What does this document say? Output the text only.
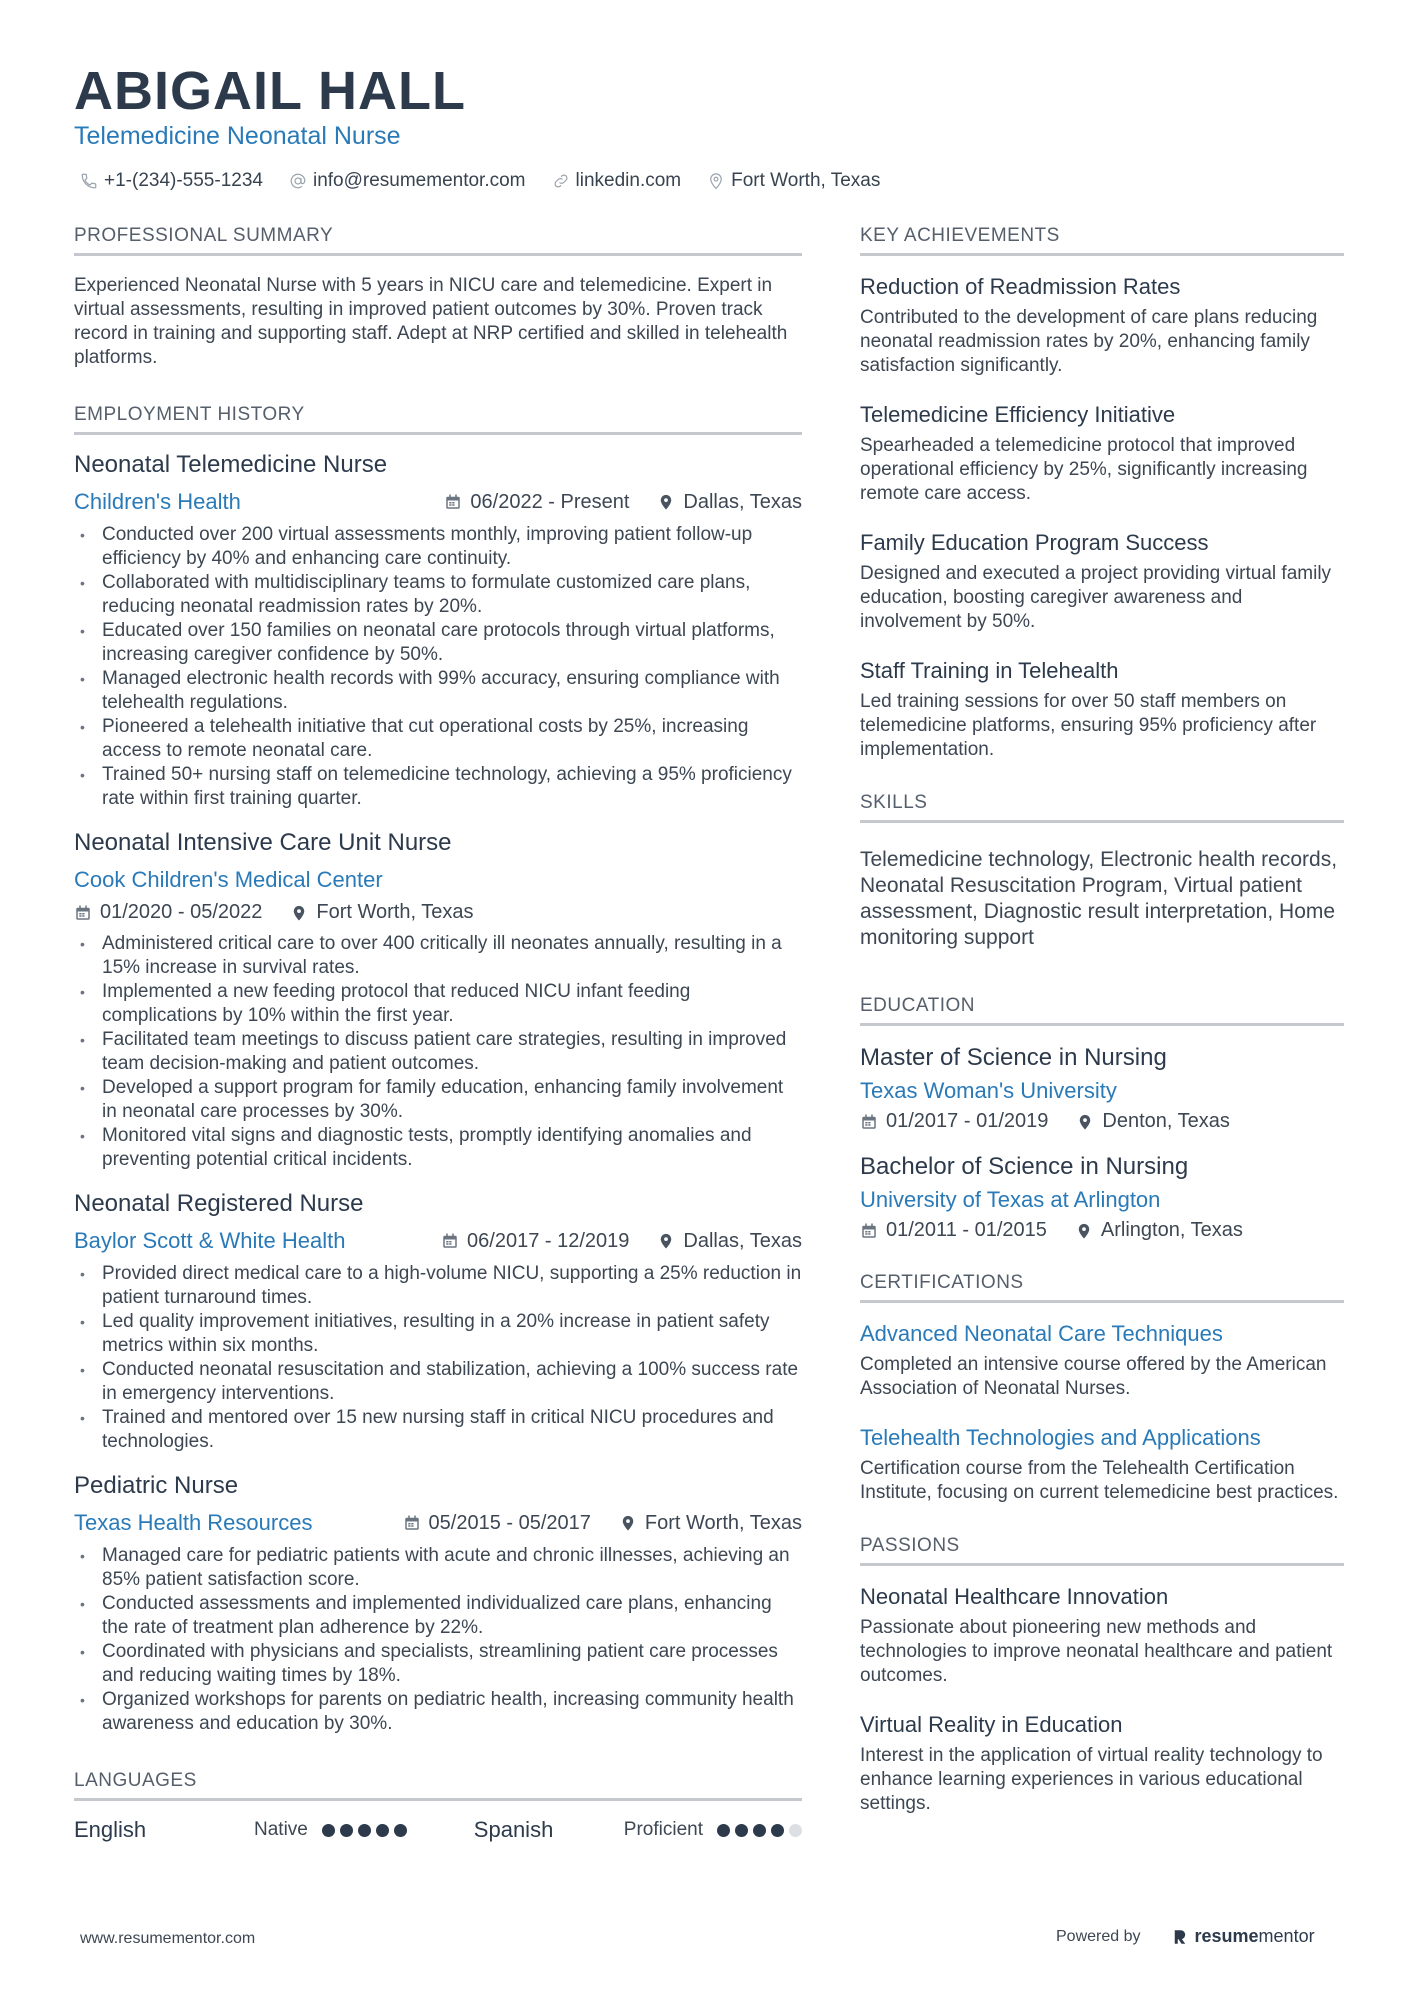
ABIGAIL HALL
Telemedicine Neonatal Nurse
+1-(234)-555-1234	info@resumementor.com	linkedin.com	Fort Worth, Texas
PROFESSIONAL SUMMARY
Experienced Neonatal Nurse with 5 years in NICU care and telemedicine. Expert in virtual assessments, resulting in improved patient outcomes by 30%. Proven track record in training and supporting staff. Adept at NRP certified and skilled in telehealth platforms.
EMPLOYMENT HISTORY
Neonatal Telemedicine Nurse
Children's Health	06/2022 - Present	Dallas, Texas
• Conducted over 200 virtual assessments monthly, improving patient follow-up efficiency by 40% and enhancing care continuity.
• Collaborated with multidisciplinary teams to formulate customized care plans, reducing neonatal readmission rates by 20%.
• Educated over 150 families on neonatal care protocols through virtual platforms, increasing caregiver confidence by 50%.
• Managed electronic health records with 99% accuracy, ensuring compliance with telehealth regulations.
• Pioneered a telehealth initiative that cut operational costs by 25%, increasing access to remote neonatal care.
• Trained 50+ nursing staff on telemedicine technology, achieving a 95% proficiency rate within first training quarter.
Neonatal Intensive Care Unit Nurse
Cook Children's Medical Center
01/2020 - 05/2022	Fort Worth, Texas
• Administered critical care to over 400 critically ill neonates annually, resulting in a 15% increase in survival rates.
• Implemented a new feeding protocol that reduced NICU infant feeding complications by 10% within the first year.
• Facilitated team meetings to discuss patient care strategies, resulting in improved team decision-making and patient outcomes.
• Developed a support program for family education, enhancing family involvement in neonatal care processes by 30%.
• Monitored vital signs and diagnostic tests, promptly identifying anomalies and preventing potential critical incidents.
Neonatal Registered Nurse
Baylor Scott & White Health	06/2017 - 12/2019	Dallas, Texas
• Provided direct medical care to a high-volume NICU, supporting a 25% reduction in patient turnaround times.
• Led quality improvement initiatives, resulting in a 20% increase in patient safety metrics within six months.
• Conducted neonatal resuscitation and stabilization, achieving a 100% success rate in emergency interventions.
• Trained and mentored over 15 new nursing staff in critical NICU procedures and technologies.
Pediatric Nurse
Texas Health Resources	05/2015 - 05/2017	Fort Worth, Texas
• Managed care for pediatric patients with acute and chronic illnesses, achieving an 85% patient satisfaction score.
• Conducted assessments and implemented individualized care plans, enhancing the rate of treatment plan adherence by 22%.
• Coordinated with physicians and specialists, streamlining patient care processes and reducing waiting times by 18%.
• Organized workshops for parents on pediatric health, increasing community health awareness and education by 30%.
LANGUAGES
English	Native	Spanish	Proficient
KEY ACHIEVEMENTS
Reduction of Readmission Rates
Contributed to the development of care plans reducing neonatal readmission rates by 20%, enhancing family satisfaction significantly.
Telemedicine Efficiency Initiative
Spearheaded a telemedicine protocol that improved operational efficiency by 25%, significantly increasing remote care access.
Family Education Program Success
Designed and executed a project providing virtual family education, boosting caregiver awareness and involvement by 50%.
Staff Training in Telehealth
Led training sessions for over 50 staff members on telemedicine platforms, ensuring 95% proficiency after implementation.
SKILLS
Telemedicine technology, Electronic health records, Neonatal Resuscitation Program, Virtual patient assessment, Diagnostic result interpretation, Home monitoring support
EDUCATION
Master of Science in Nursing
Texas Woman's University
01/2017 - 01/2019	Denton, Texas
Bachelor of Science in Nursing
University of Texas at Arlington
01/2011 - 01/2015	Arlington, Texas
CERTIFICATIONS
Advanced Neonatal Care Techniques
Completed an intensive course offered by the American Association of Neonatal Nurses.
Telehealth Technologies and Applications
Certification course from the Telehealth Certification Institute, focusing on current telemedicine best practices.
PASSIONS
Neonatal Healthcare Innovation
Passionate about pioneering new methods and technologies to improve neonatal healthcare and patient outcomes.
Virtual Reality in Education
Interest in the application of virtual reality technology to enhance learning experiences in various educational settings.
www.resumementor.com	Powered by	resumementor
